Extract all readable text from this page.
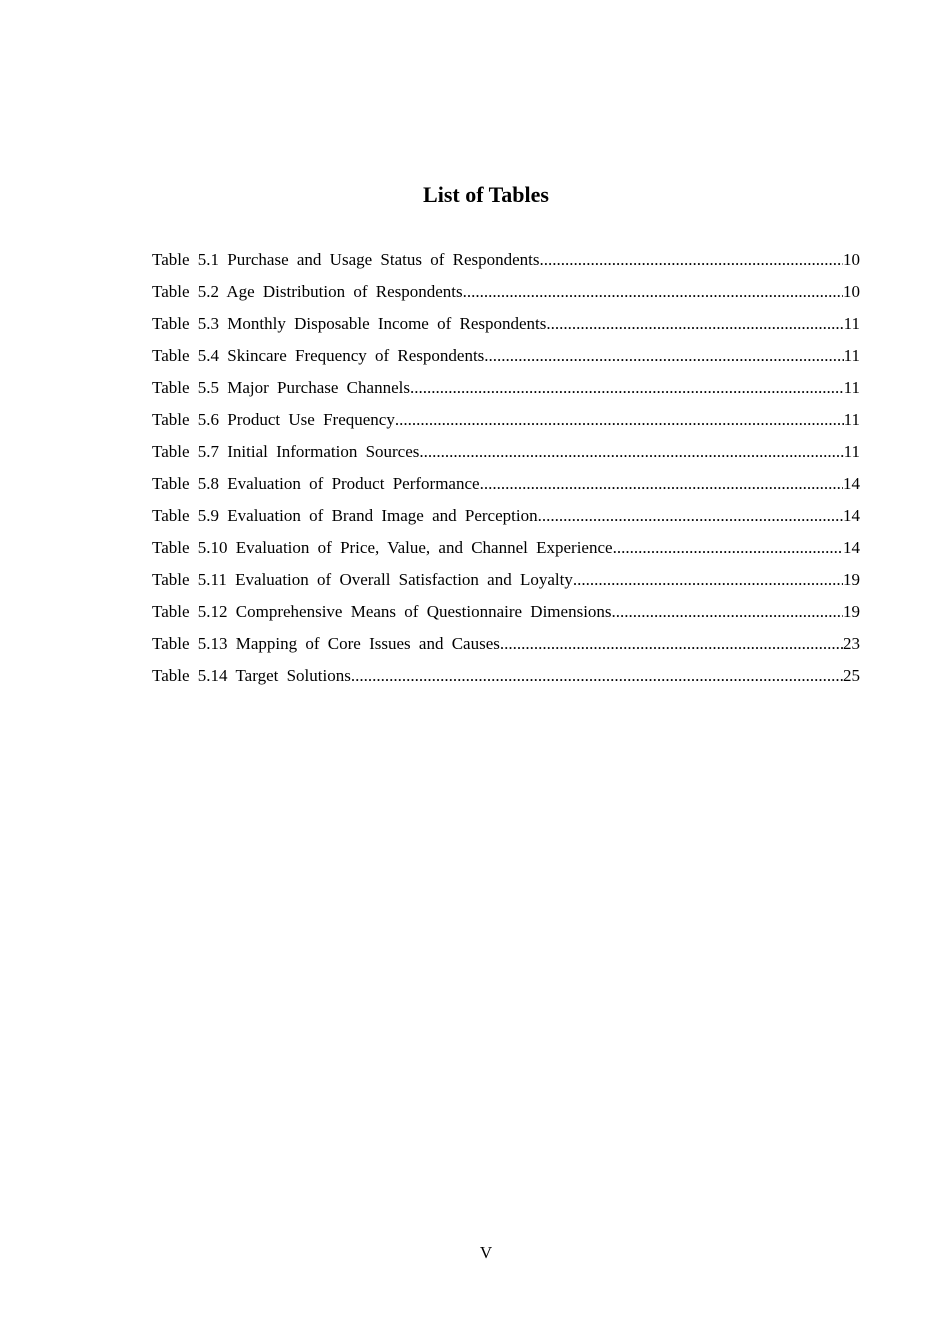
List of Tables
Table 5.1 Purchase and Usage Status of Respondents .....	10
Table 5.2 Age Distribution of Respondents .....	10
Table 5.3 Monthly Disposable Income of Respondents .....	11
Table 5.4 Skincare Frequency of Respondents .....	11
Table 5.5 Major Purchase Channels .....	11
Table 5.6 Product Use Frequency .....	11
Table 5.7 Initial Information Sources .....	11
Table 5.8 Evaluation of Product Performance .....	14
Table 5.9 Evaluation of Brand Image and Perception .....	14
Table 5.10 Evaluation of Price, Value, and Channel Experience .....	14
Table 5.11 Evaluation of Overall Satisfaction and Loyalty .....	19
Table 5.12 Comprehensive Means of Questionnaire Dimensions .....	19
Table 5.13 Mapping of Core Issues and Causes .....	23
Table 5.14 Target Solutions .....	25
V
